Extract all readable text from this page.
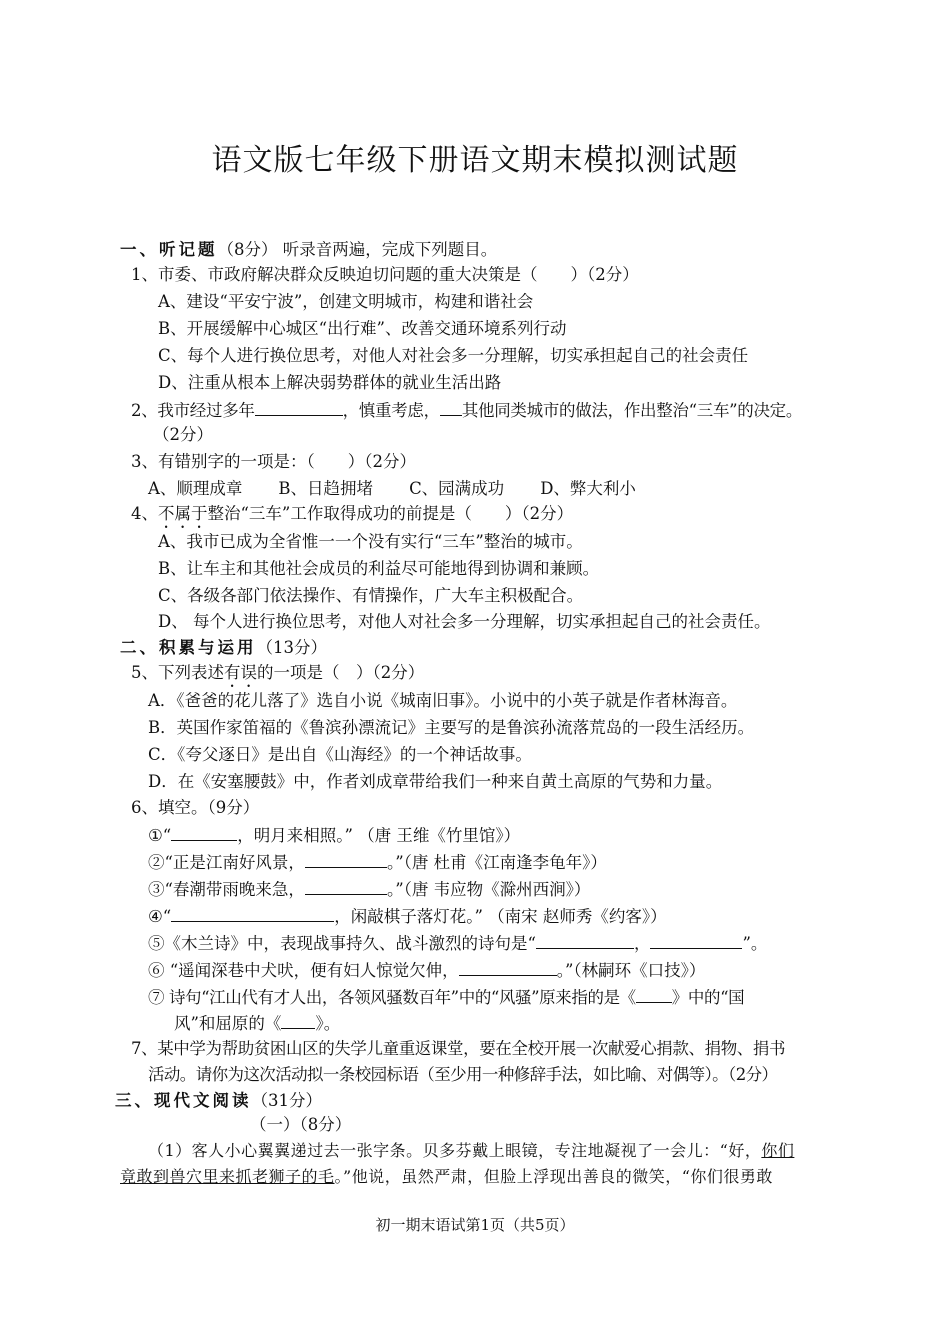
语文版七年级下册语文期末模拟测试题
一、听记题（8分） 听录音两遍，完成下列题目。
1、市委、市政府解决群众反映迫切问题的重大决策是（　　）（2分）
A、建设“平安宁波”，创建文明城市，构建和谐社会
B、开展缓解中心城区“出行难”、改善交通环境系列行动
C、每个人进行换位思考，对他人对社会多一分理解，切实承担起自己的社会责任
D、注重从根本上解决弱势群体的就业生活出路
2、我市经过多年	，慎重考虑， 其他同类城市的做法，作出整治“三车”的决定。
（2分）
3、有错别字的一项是：（　　）（2分）
A、顺理成章 B、日趋拥堵 C、园满成功 D、弊大利小
4、不属于整治“三车”工作取得成功的前提是（　　）（2分）
A、我市已成为全省惟一一个没有实行“三车”整治的城市。
B、让车主和其他社会成员的利益尽可能地得到协调和兼顾。
C、各级各部门依法操作、有情操作，广大车主积极配合。
D、 每个人进行换位思考，对他人对社会多一分理解，切实承担起自己的社会责任。
二、积累与运用（13分）
5、下列表述有误的一项是（　）（2分）
A．《爸爸的花儿落了》选自小说《城南旧事》。小说中的小英子就是作者林海音。
B．英国作家笛福的《鲁滨孙漂流记》主要写的是鲁滨孙流落荒岛的一段生活经历。
C．《夸父逐日》是出自《山海经》的一个神话故事。
D．在《安塞腰鼓》中，作者刘成章带给我们一种来自黄土高原的气势和力量。
6、填空。（9分）
①“	，明月来相照。” （唐 王维《竹里馆》）
②“正是江南好风景，	。”（唐 杜甫《江南逢李龟年》）
③“春潮带雨晚来急，	。”（唐 韦应物《滁州西涧》）
④“	，闲敲棋子落灯花。” （南宋 赵师秀《约客》）
⑤《木兰诗》中，表现战事持久、战斗激烈的诗句是“	，	”。
⑥ “遥闻深巷中犬吠，便有妇人惊觉欠伸，	。”（林嗣环《口技》）
⑦ 诗句“江山代有才人出，各领风骚数百年”中的“风骚”原来指的是《 》中的“国
风”和屈原的《 》。
7、某中学为帮助贫困山区的失学儿童重返课堂，要在全校开展一次献爱心捐款、捐物、捐书
活动。请你为这次活动拟一条校园标语（至少用一种修辞手法，如比喻、对偶等）。（2分）
三、现代文阅读（31分）
（一）（8分）
（1）客人小心翼翼递过去一张字条。贝多芬戴上眼镜，专注地凝视了一会儿：“好，你们
竟敢到兽穴里来抓老狮子的毛。”他说，虽然严肃，但脸上浮现出善良的微笑，“你们很勇敢
初一期末语试第1页（共5页）
